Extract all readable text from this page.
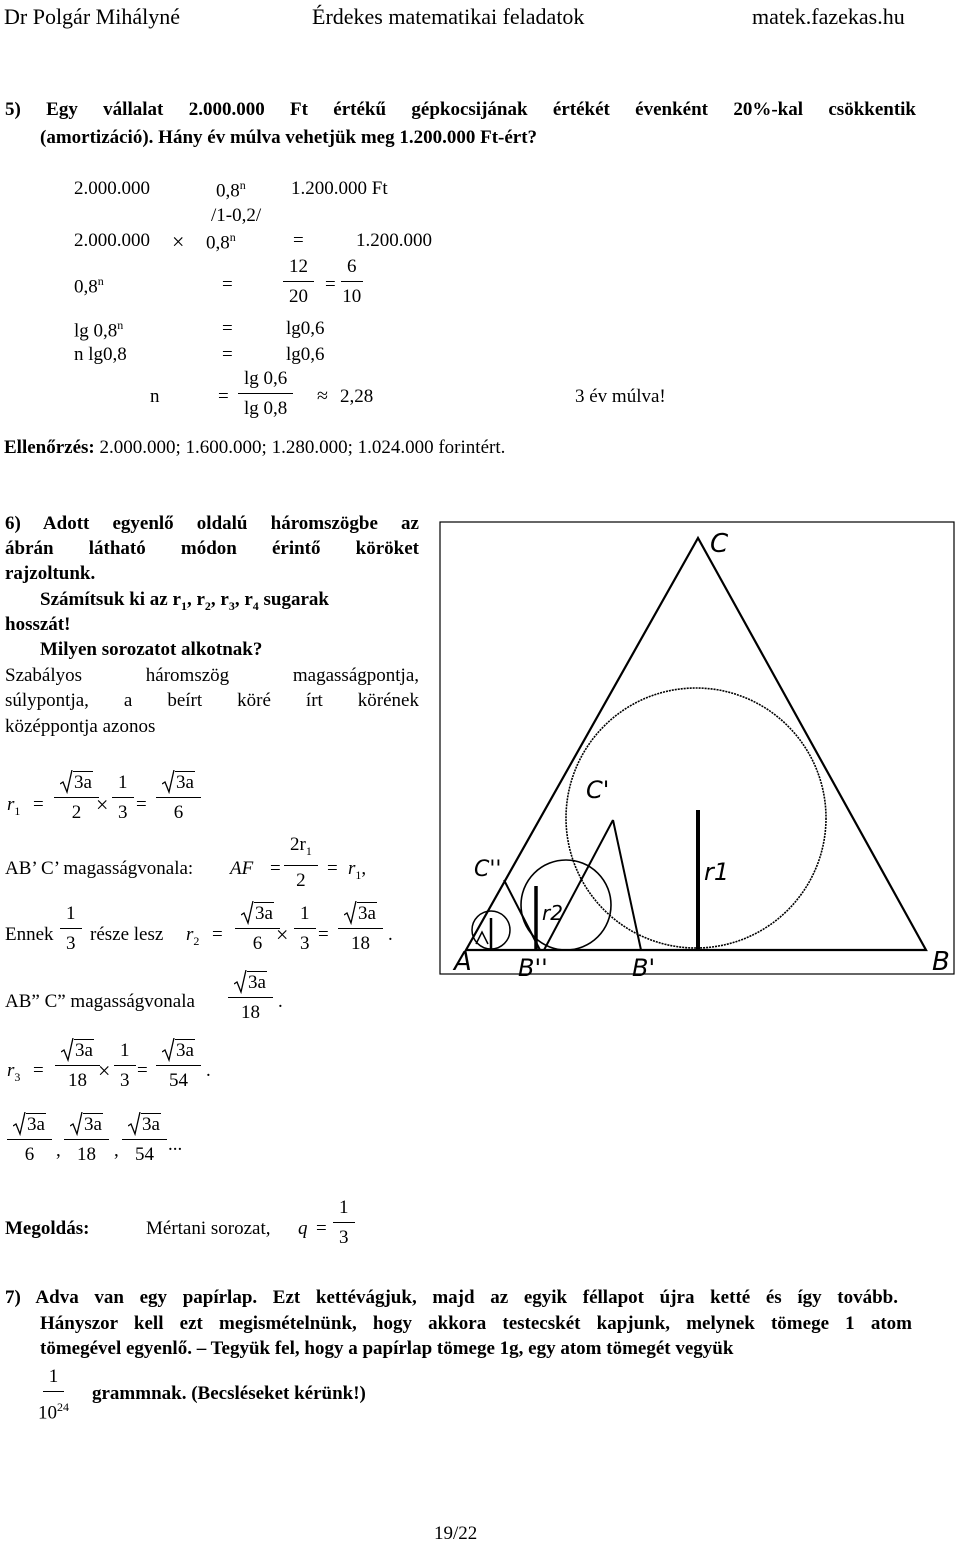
Dr Polgár Mihályné	Érdekes matematikai feladatok	matek.fazekas.hu
5) Egy vállalat 2.000.000 Ft értékű gépkocsijának értékét évenként 20%-kal csökkentik
(amortizáció). Hány év múlva vehetjük meg 1.200.000 Ft-ért?
2.000.000	0,8$^n$ 1.200.000 Ft
/1-0,2/
$2.000.000 \times 0,8^n$	=	1.200.000
$0,8^n$	=	$\frac{12}{20} = \frac{6}{10}$
$\lg 0,8^n$	=	lg0,6
n lg0,8	=	lg0,6
n	= $\frac{\lg 0,6}{\lg 0,8} \approx 2,28$	3 év múlva!
Ellenőrzés: 2.000.000; 1.600.000; 1.280.000; 1.024.000 forintért.
6) Adott egyenlő oldalú háromszögbe az
ábrán látható módon érintő köröket
rajzoltunk.
Számítsuk ki az $r_1$, $r_2$, $r_3$, $r_4$ sugarak
hosszát!
Milyen sorozatot alkotnak?
Szabályos háromszög magasságpontja,
súlypontja, a beírt köré írt körének
középpontja azonos
$r_1 = \frac{3a}{2}$
× $\frac{1}{3} = \frac{3a}{6}$
AB’ C’ magasságvonala: AF = $\frac{2r_1}{2} = r_1$,
Ennek $\frac{1}{3}$ része lesz $r_2 = \frac{3a}{6}$
× $\frac{1}{3} = \frac{3a}{18}$ .
AB” C” magasságvonala $\frac{3a}{18}$ .
$r_3 = \frac{3a}{18}$
× $\frac{1}{3} = \frac{3a}{54}$ .
$\frac{3a}{6}$ , $\frac{3a}{18}$ , $\frac{3a}{54}$ ...
Megoldás:	Mértani sorozat, $q = \frac{1}{3}$
A	B
C
C'
C''
B'
B''
r1
r2
7) Adva van egy papírlap. Ezt kettévágjuk, majd az egyik féllapot újra ketté és így tovább.
Hányszor kell ezt megismételnünk, hogy akkora testecskét kapjunk, melynek tömege 1 atom
tömegével egyenlő. – Tegyük fel, hogy a papírlap tömege 1g, egy atom tömegét vegyük
$\frac{1}{10^{24}}$ grammnak. (Becsléseket kérünk!)
19/22
